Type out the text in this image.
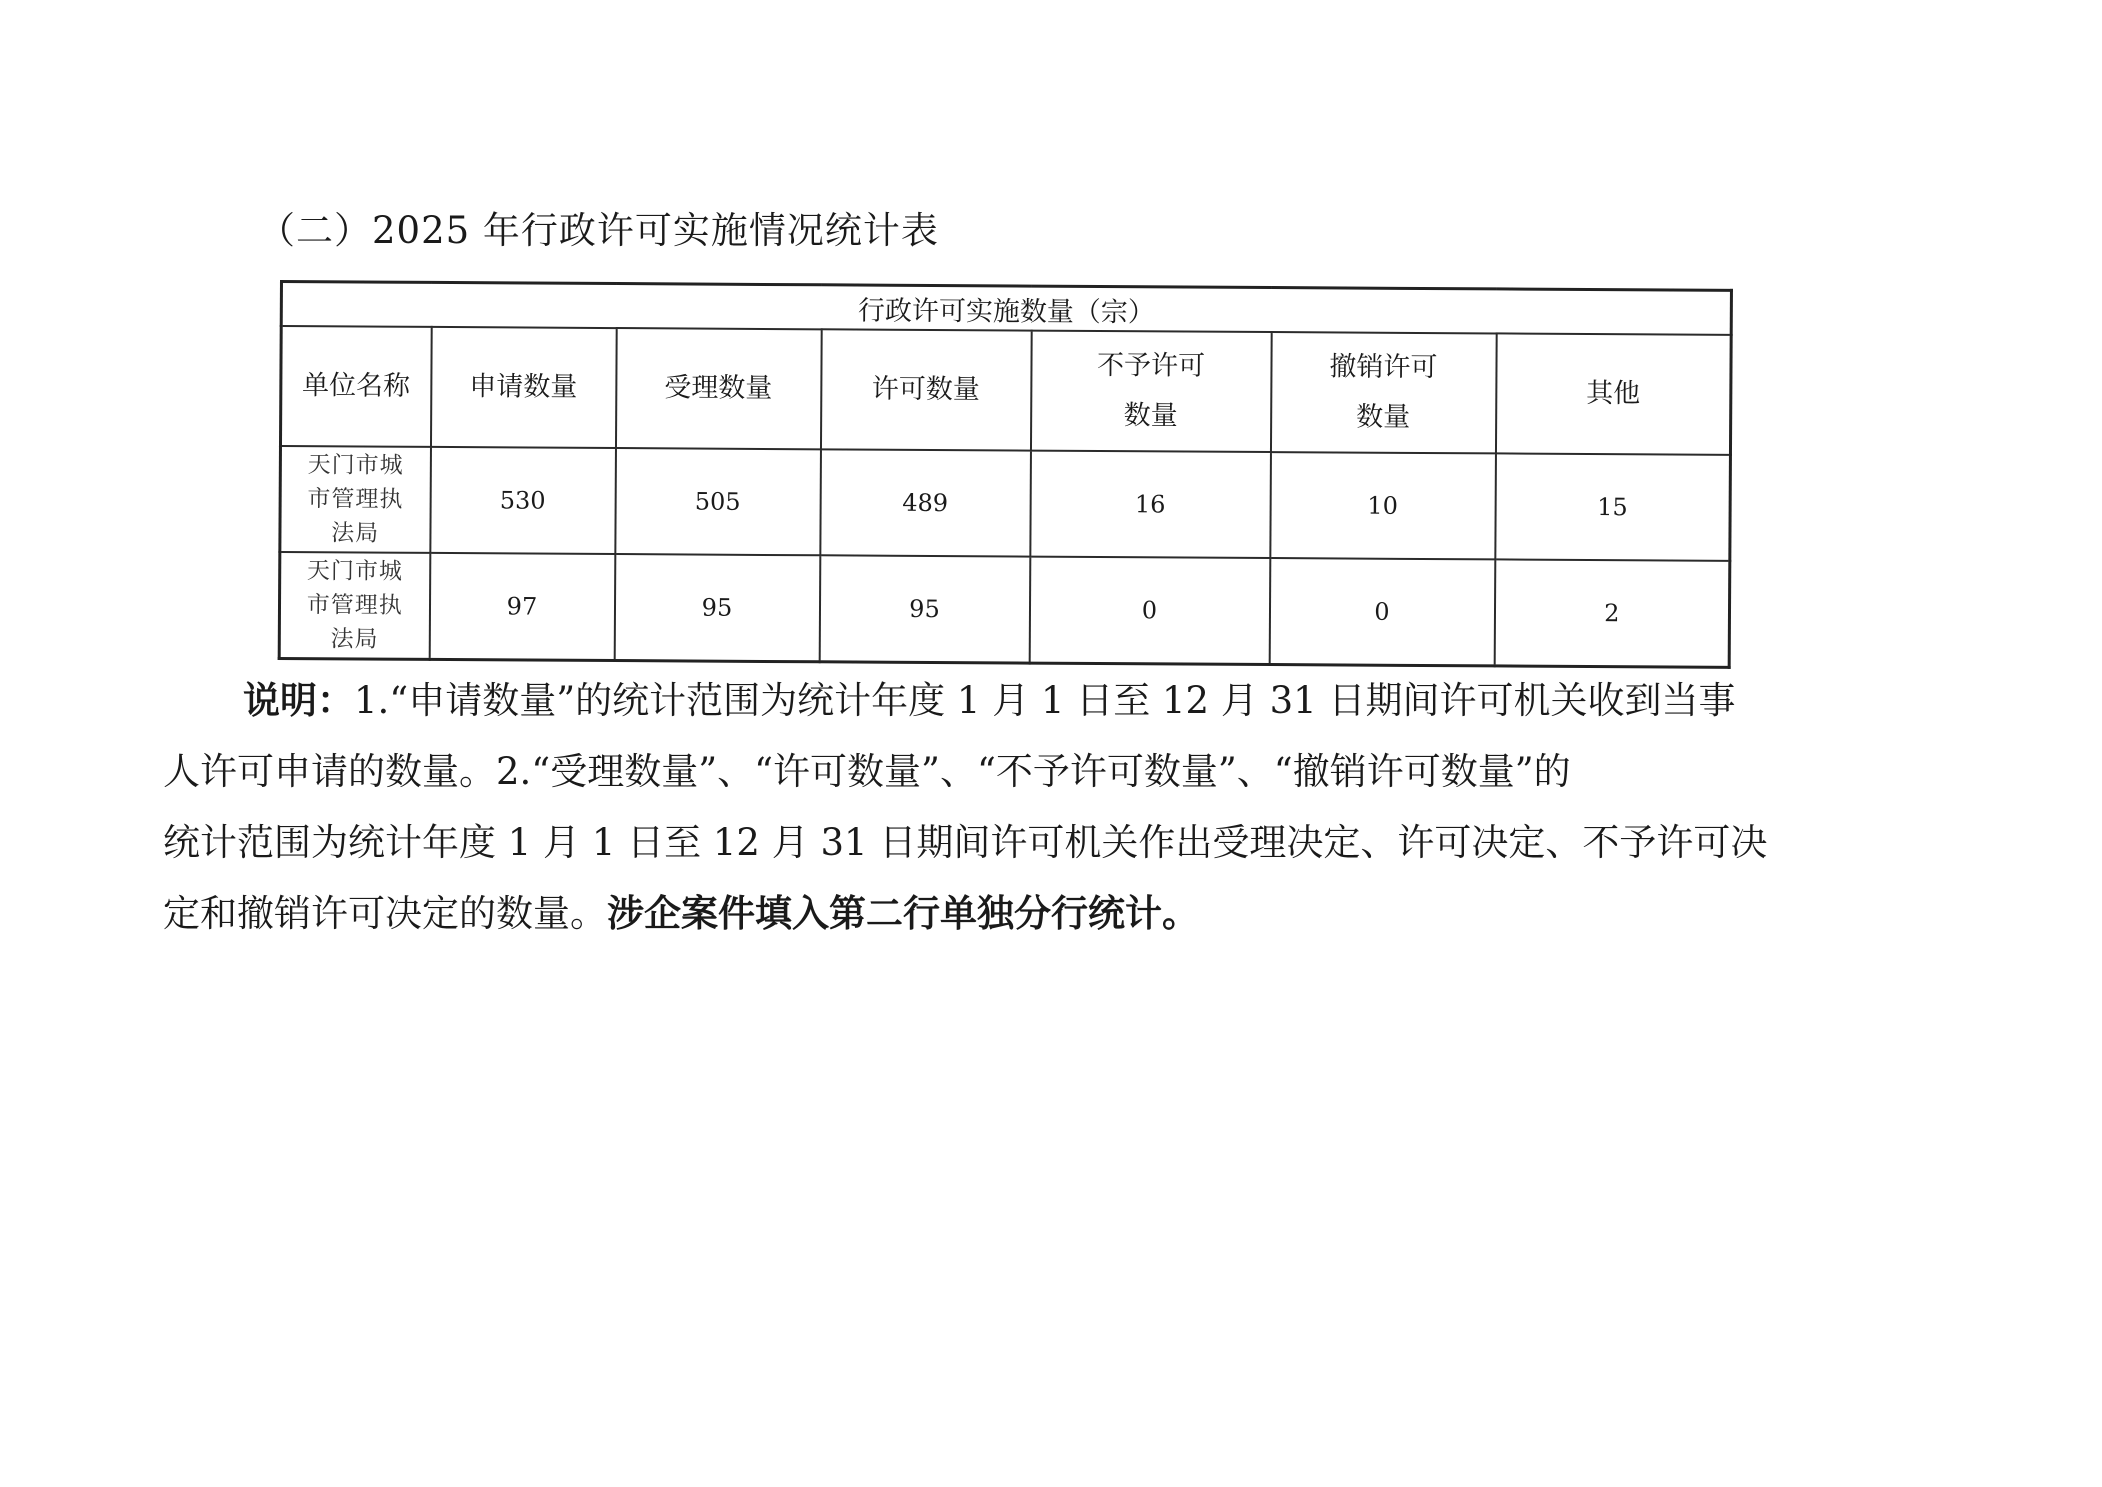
（二）2025 年行政许可实施情况统计表
行政许可实施数量（宗）						
单位名称	申请数量	受理数量	许可数量	不予许可数量	撤销许可数量	其他
天门市城市管理执法局	530	505	489	16	10	15
天门市城市管理执法局	97	95	95	0	0	2
说明：1.“申请数量”的统计范围为统计年度 1 月 1 日至 12 月 31 日期间许可机关收到当事
人许可申请的数量。2.“受理数量”、“许可数量”、“不予许可数量”、“撤销许可数量”的
统计范围为统计年度 1 月 1 日至 12 月 31 日期间许可机关作出受理决定、许可决定、不予许可决
定和撤销许可决定的数量。涉企案件填入第二行单独分行统计。
